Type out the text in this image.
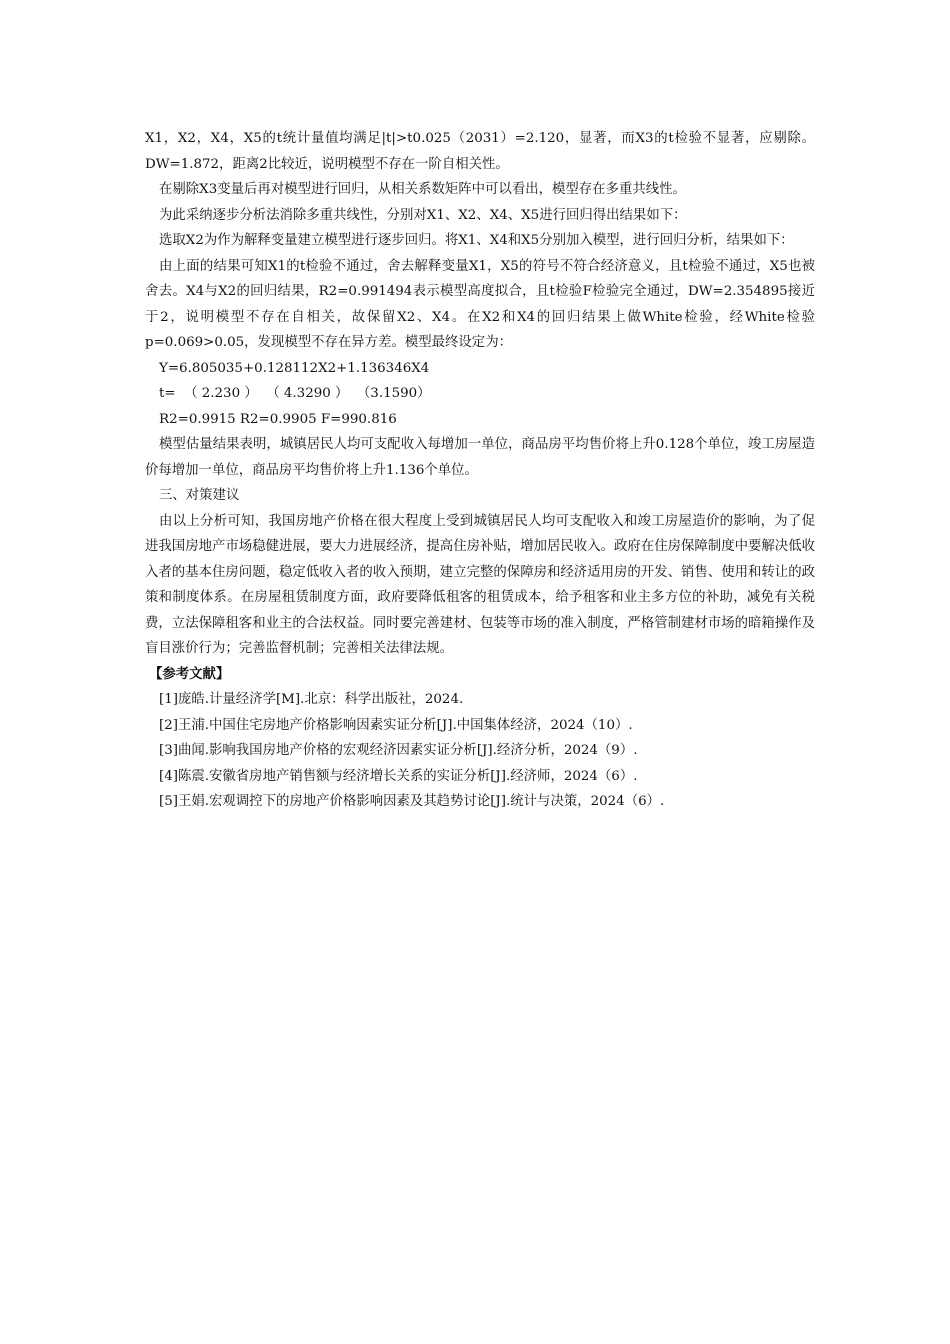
X1，X2，X4，X5的t统计量值均满足|t|>t0.025（2031）=2.120，显著，而X3的t检验不显著，应剔除。DW=1.872，距离2比较近，说明模型不存在一阶自相关性。

在剔除X3变量后再对模型进行回归，从相关系数矩阵中可以看出，模型存在多重共线性。

为此采纳逐步分析法消除多重共线性，分别对X1、X2、X4、X5进行回归得出结果如下：

选取X2为作为解释变量建立模型进行逐步回归。将X1、X4和X5分别加入模型，进行回归分析，结果如下：

由上面的结果可知X1的t检验不通过，舍去解释变量X1，X5的符号不符合经济意义，且t检验不通过，X5也被舍去。X4与X2的回归结果，R2=0.991494表示模型高度拟合，且t检验F检验完全通过，DW=2.354895接近于2，说明模型不存在自相关，故保留X2、X4。在X2和X4的回归结果上做White检验，经White检验p=0.069>0.05，发现模型不存在异方差。模型最终设定为：

Y=6.805035+0.128112X2+1.136346X4

t=  （ 2.230 ）  （ 4.3290 ）  （3.1590）

R2=0.9915 R2=0.9905 F=990.816

模型估量结果表明，城镇居民人均可支配收入每增加一单位，商品房平均售价将上升0.128个单位，竣工房屋造价每增加一单位，商品房平均售价将上升1.136个单位。

三、对策建议

由以上分析可知，我国房地产价格在很大程度上受到城镇居民人均可支配收入和竣工房屋造价的影响，为了促进我国房地产市场稳健进展，要大力进展经济，提高住房补贴，增加居民收入。政府在住房保障制度中要解决低收入者的基本住房问题，稳定低收入者的收入预期，建立完整的保障房和经济适用房的开发、销售、使用和转让的政策和制度体系。在房屋租赁制度方面，政府要降低租客的租赁成本，给予租客和业主多方位的补助，减免有关税费，立法保障租客和业主的合法权益。同时要完善建材、包装等市场的准入制度，严格管制建材市场的暗箱操作及盲目涨价行为；完善监督机制；完善相关法律法规。

【参考文献】

[1]庞皓.计量经济学[M].北京：科学出版社，2024.

[2]王浦.中国住宅房地产价格影响因素实证分析[J].中国集体经济，2024（10）.

[3]曲闻.影响我国房地产价格的宏观经济因素实证分析[J].经济分析，2024（9）.

[4]陈震.安徽省房地产销售额与经济增长关系的实证分析[J].经济师，2024（6）.

[5]王娟.宏观调控下的房地产价格影响因素及其趋势讨论[J].统计与决策，2024（6）.
